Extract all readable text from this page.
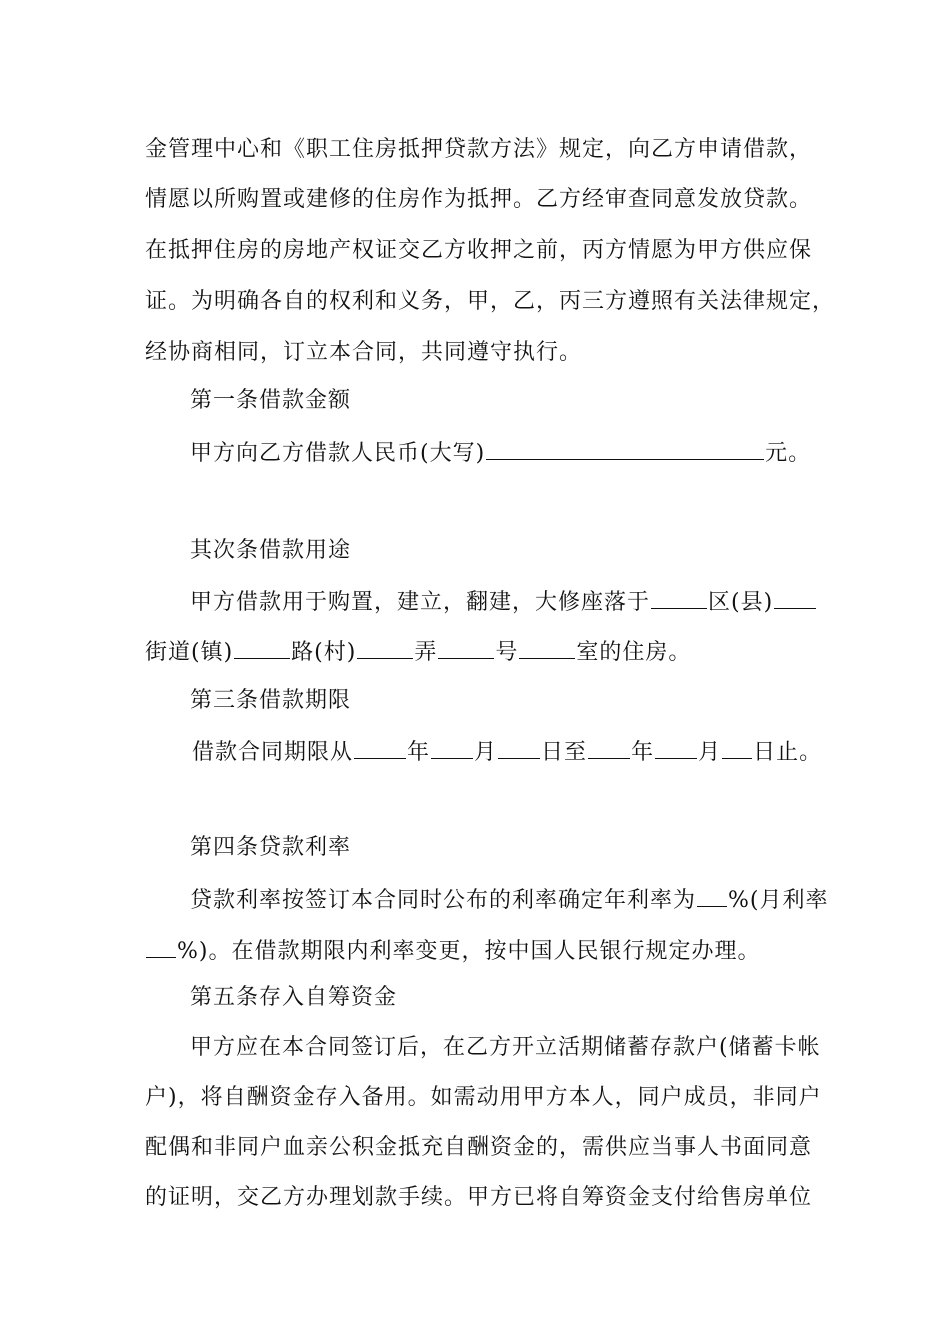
金管理中心和《职工住房抵押贷款方法》规定，向乙方申请借款，
情愿以所购置或建修的住房作为抵押。乙方经审查同意发放贷款。
在抵押住房的房地产权证交乙方收押之前，丙方情愿为甲方供应保
证。为明确各自的权利和义务，甲，乙，丙三方遵照有关法律规定，
经协商相同，订立本合同，共同遵守执行。
第一条借款金额
甲方向乙方借款人民币(大写)	元。
其次条借款用途
甲方借款用于购置，建立，翻建，大修座落于	区(县)
街道(镇)	路(村)	弄	号	室的住房。
第三条借款期限
借款合同期限从 年 月 日至 年 月 日止。
第四条贷款利率
贷款利率按签订本合同时公布的利率确定年利率为 %(月利率
%)。在借款期限内利率变更，按中国人民银行规定办理。
第五条存入自筹资金
甲方应在本合同签订后，在乙方开立活期储蓄存款户(储蓄卡帐
户)，将自酬资金存入备用。如需动用甲方本人，同户成员，非同户
配偶和非同户血亲公积金抵充自酬资金的，需供应当事人书面同意
的证明，交乙方办理划款手续。甲方已将自筹资金支付给售房单位
